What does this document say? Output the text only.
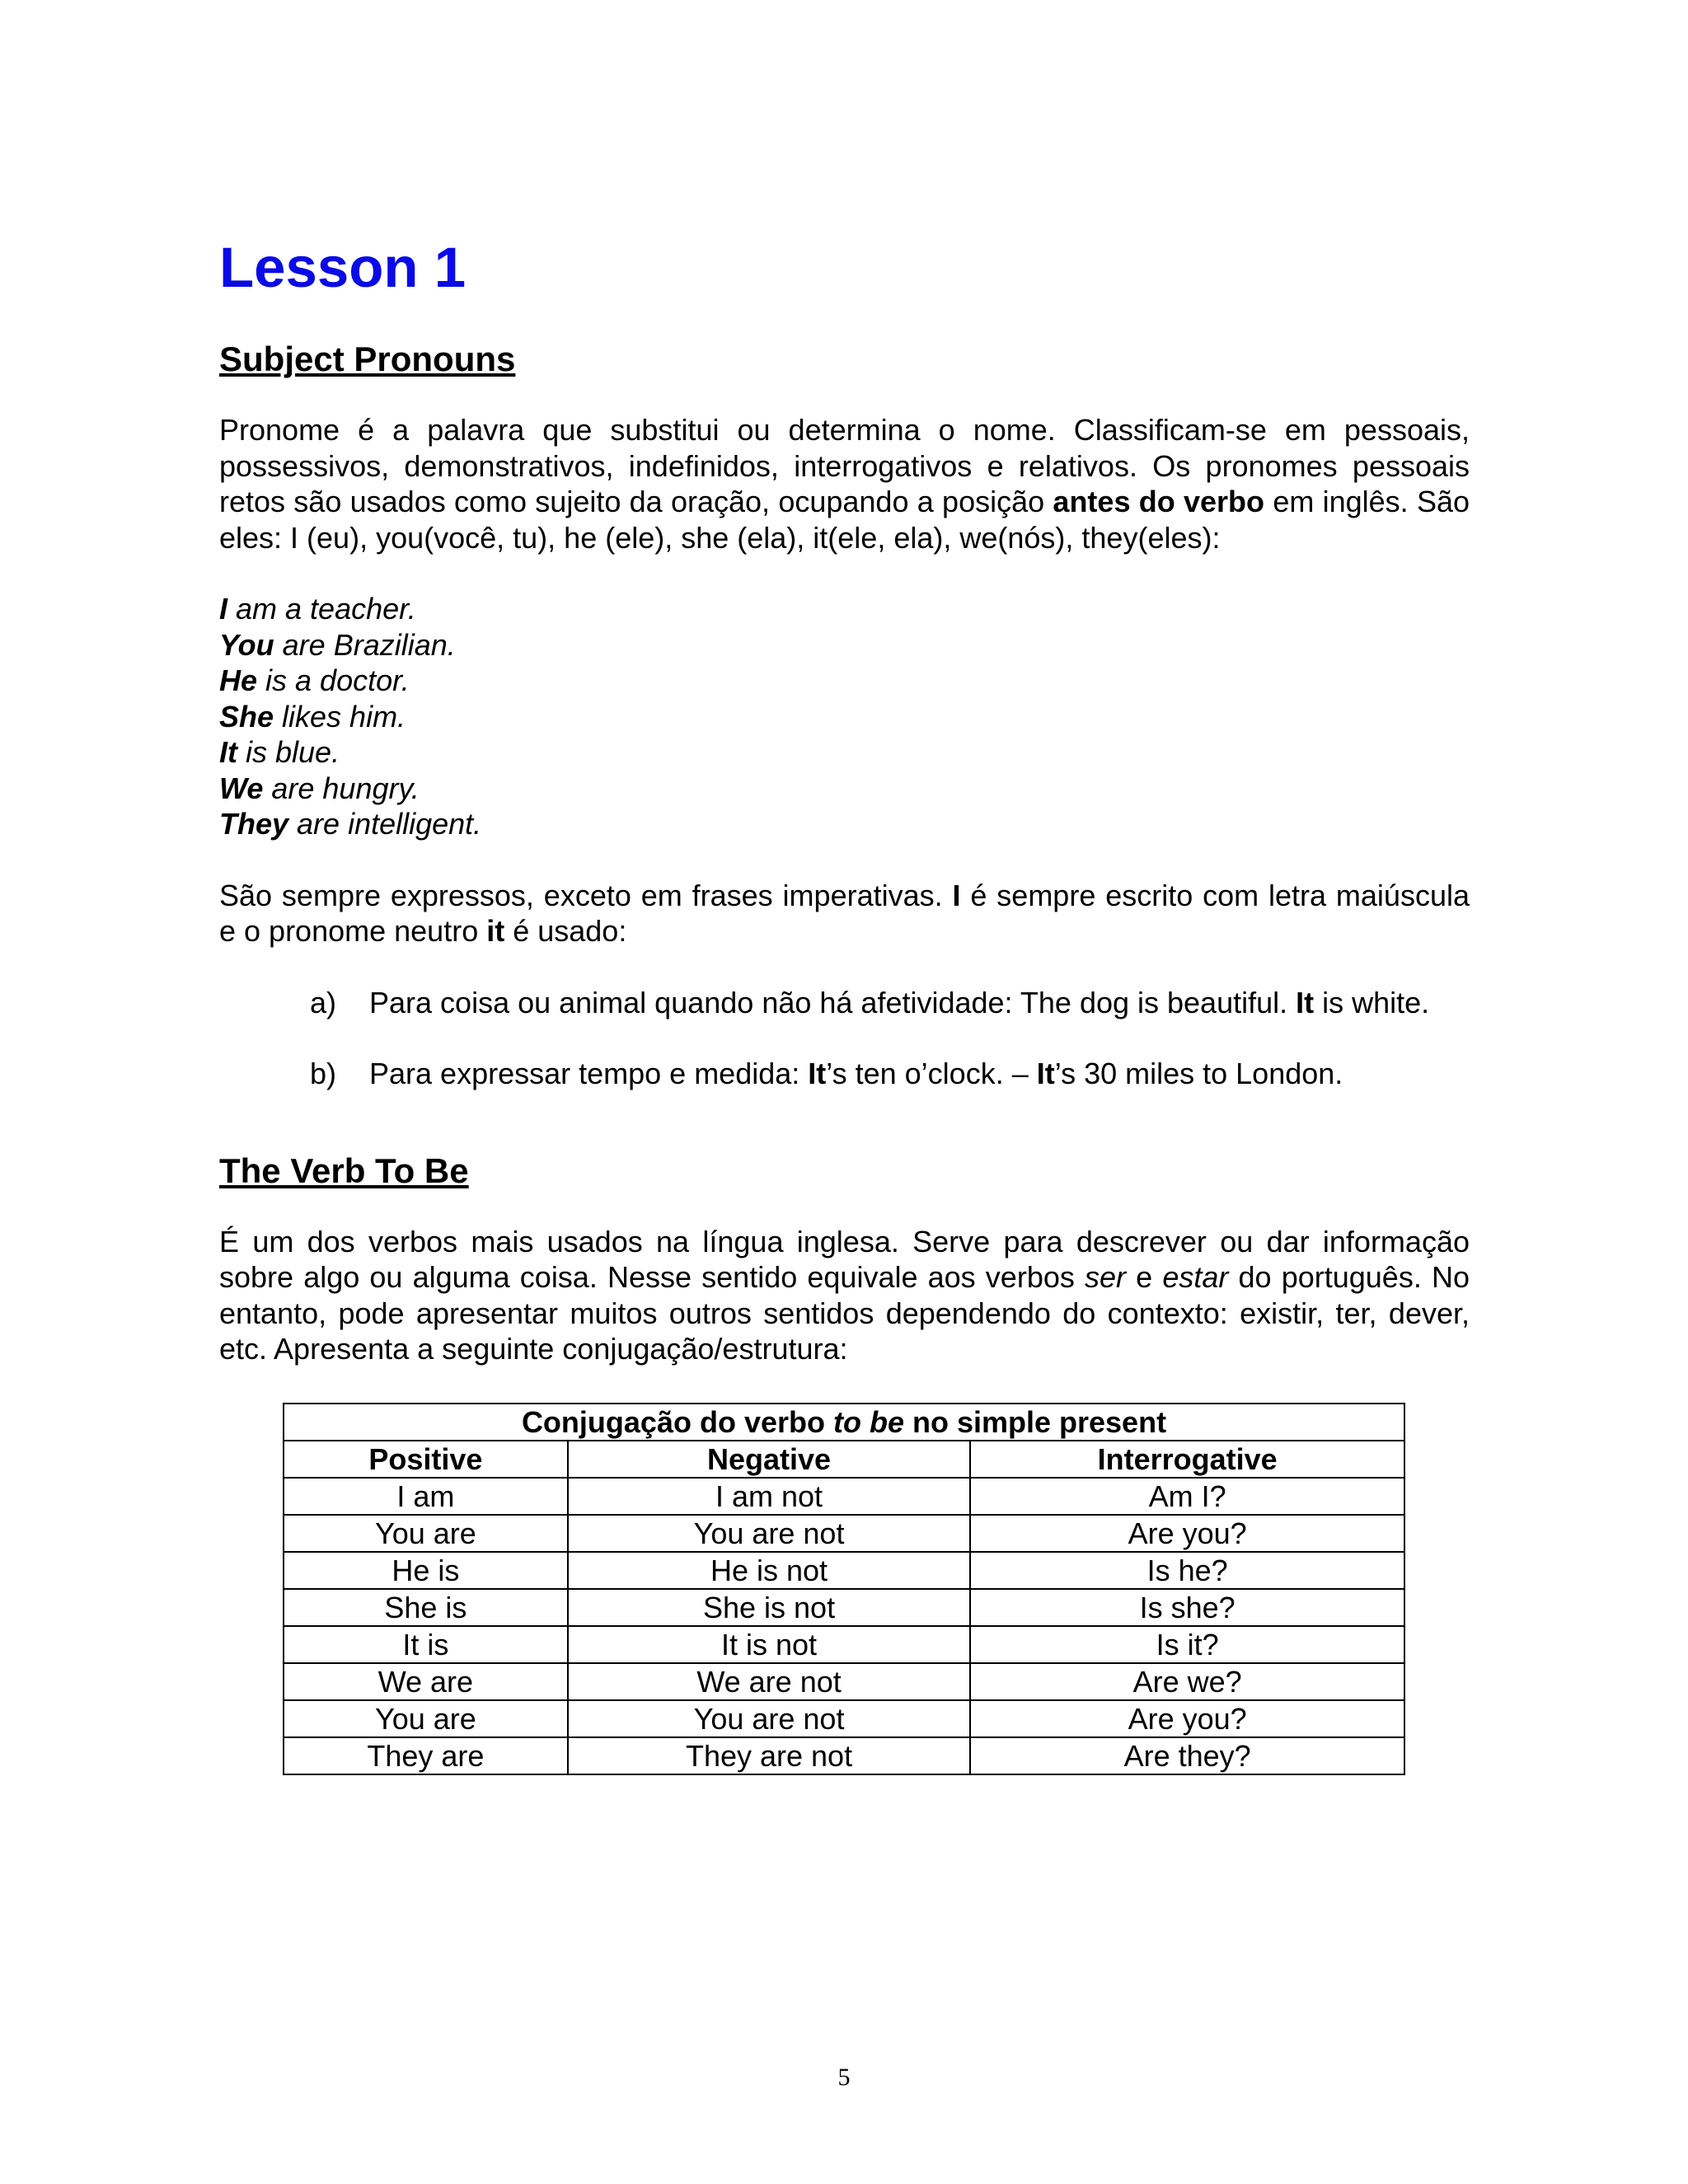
Lesson 1
Subject Pronouns

Pronome é a palavra que substitui ou determina o nome. Classificam-se em pessoais, possessivos, demonstrativos, indefinidos, interrogativos e relativos. Os pronomes pessoais retos são usados como sujeito da oração, ocupando a posição antes do verbo em inglês. São eles: I (eu), you(você, tu), he (ele), she (ela), it(ele, ela), we(nós), they(eles):

I am a teacher.

You are Brazilian.

He is a doctor.

She likes him.

It is blue.

We are hungry.

They are intelligent.

São sempre expressos, exceto em frases imperativas. I é sempre escrito com letra maiúscula e o pronome neutro it é usado:

a) Para coisa ou animal quando não há afetividade: The dog is beautiful. It is white.
b) Para expressar tempo e medida: It’s ten o’clock. – It’s 30 miles to London.
The Verb To Be

É um dos verbos mais usados na língua inglesa. Serve para descrever ou dar informação sobre algo ou alguma coisa. Nesse sentido equivale aos verbos ser e estar do português. No entanto, pode apresentar muitos outros sentidos dependendo do contexto: existir, ter, dever, etc. Apresenta a seguinte conjugação/estrutura:

Conjugação do verbo to be no simple present		
Positive	Negative	Interrogative
I am	I am not	Am I?
You are	You are not	Are you?
He is	He is not	Is he?
She is	She is not	Is she?
It is	It is not	Is it?
We are	We are not	Are we?
You are	You are not	Are you?
They are	They are not	Are they?
5
